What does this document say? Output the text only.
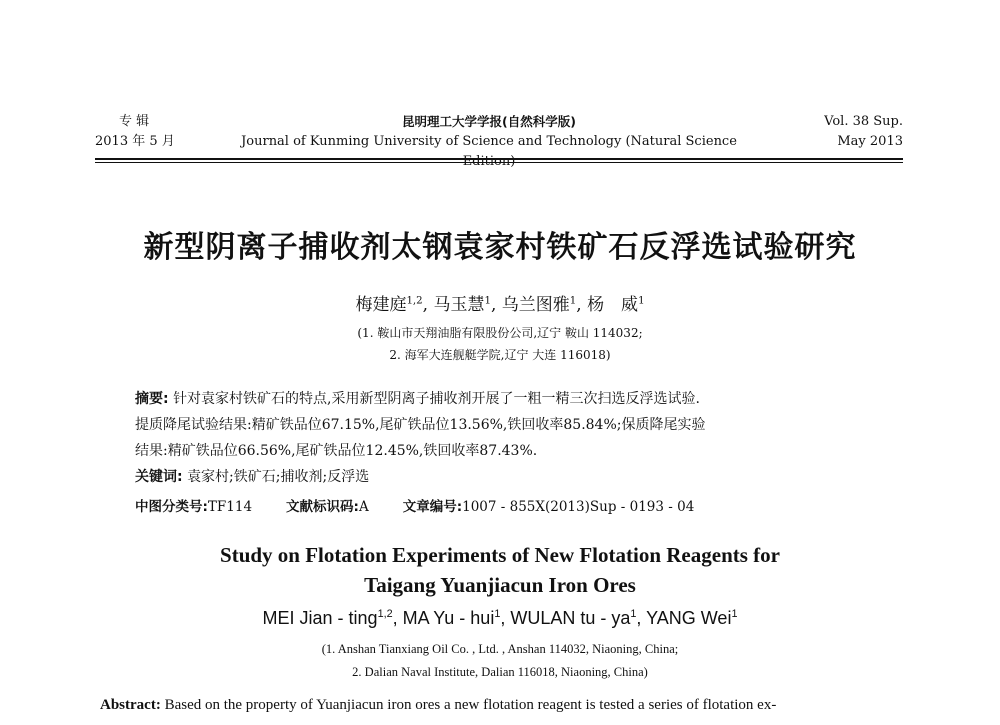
专 辑
2013 年 5 月
昆明理工大学学报(自然科学版)
Journal of Kunming University of Science and Technology (Natural Science Edition)
Vol. 38 Sup.
May 2013
新型阴离子捕收剂太钢袁家村铁矿石反浮选试验研究
梅建庭$^{1,2}$, 马玉慧$^1$, 乌兰图雅$^1$, 杨　威$^1$
(1. 鞍山市天翔油脂有限股份公司,辽宁 鞍山 114032;
2. 海军大连舰艇学院,辽宁 大连 116018)
摘要: 针对袁家村铁矿石的特点,采用新型阴离子捕收剂开展了一粗一精三次扫选反浮选试验.
提质降尾试验结果:精矿铁品位67.15%,尾矿铁品位13.56%,铁回收率85.84%;保质降尾实验
结果:精矿铁品位66.56%,尾矿铁品位12.45%,铁回收率87.43%.
关键词: 袁家村;铁矿石;捕收剂;反浮选
中图分类号:TF114	文献标识码:A	文章编号:1007 - 855X(2013)Sup - 0193 - 04
Study on Flotation Experiments of New Flotation Reagents for
Taigang Yuanjiacun Iron Ores
MEI Jian - ting$^{1,2}$, MA Yu - hui$^1$, WULAN tu - $ya^1$, YANG Wei$^1$
(1. Anshan Tianxiang Oil Co. , Ltd. , Anshan 114032, Niaoning, China;
2. Dalian Naval Institute, Dalian 116018, Niaoning, China)
Abstract: Based on the property of Yuanjiacun iron ores a new flotation reagent is tested a series of flotation ex-
